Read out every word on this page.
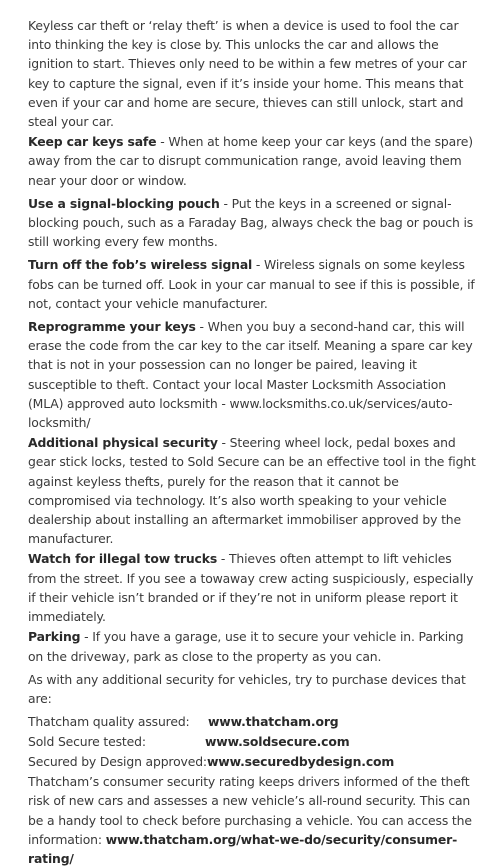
Keyless car theft or ‘relay theft’ is when a device is used to fool the car into thinking the key is close by. This unlocks the car and allows the ignition to start. Thieves only need to be within a few metres of your car key to capture the signal, even if it’s inside your home. This means that even if your car and home are secure, thieves can still unlock, start and steal your car.

Keep car keys safe - When at home keep your car keys (and the spare) away from the car to disrupt communication range, avoid leaving them near your door or window.

Use a signal-blocking pouch - Put the keys in a screened or signal-blocking pouch, such as a Faraday Bag, always check the bag or pouch is still working every few months.

Turn off the fob’s wireless signal - Wireless signals on some keyless fobs can be turned off. Look in your car manual to see if this is possible, if not, contact your vehicle manufacturer.

Reprogramme your keys - When you buy a second-hand car, this will erase the code from the car key to the car itself. Meaning a spare car key that is not in your possession can no longer be paired, leaving it susceptible to theft. Contact your local Master Locksmith Association (MLA) approved auto locksmith - www.locksmiths.co.uk/services/auto-locksmith/

Additional physical security - Steering wheel lock, pedal boxes and gear stick locks, tested to Sold Secure can be an effective tool in the fight against keyless thefts, purely for the reason that it cannot be compromised via technology. It’s also worth speaking to your vehicle dealership about installing an aftermarket immobiliser approved by the manufacturer.

Watch for illegal tow trucks - Thieves often attempt to lift vehicles from the street. If you see a towaway crew acting suspiciously, especially if their vehicle isn’t branded or if they’re not in uniform please report it immediately.

Parking - If you have a garage, use it to secure your vehicle in. Parking on the driveway, park as close to the property as you can.

As with any additional security for vehicles, try to purchase devices that are:

Thatcham quality assured:	www.thatcham.org
Sold Secure tested:	www.soldsecure.com
Secured by Design approved: www.securedbydesign.com

Thatcham’s consumer security rating keeps drivers informed of the theft risk of new cars and assesses a new vehicle’s all-round security. This can be a handy tool to check before purchasing a vehicle. You can access the information: www.thatcham.org/what-we-do/security/consumer-rating/
